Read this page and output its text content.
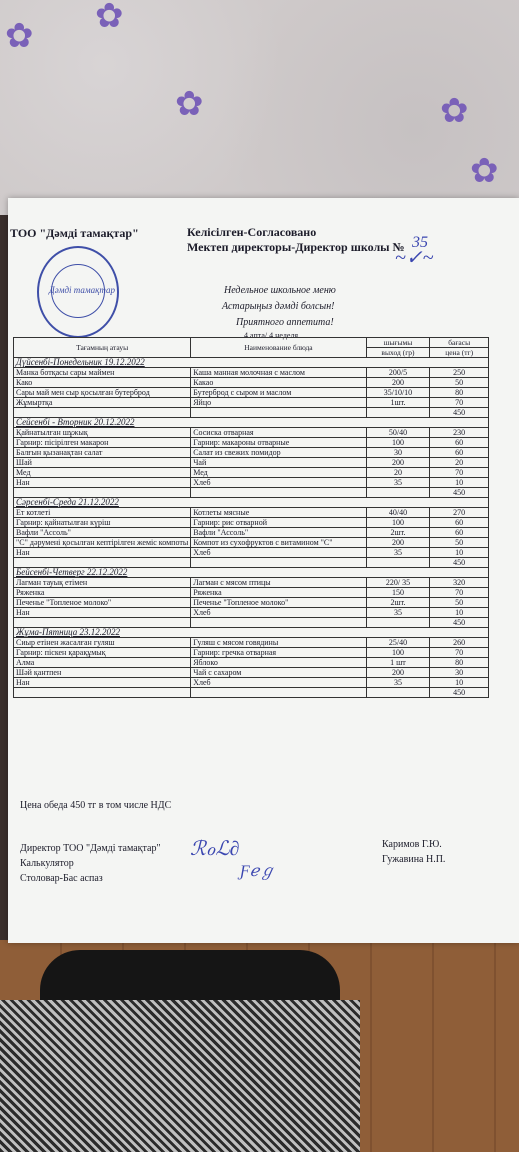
✿
✿
✿	✿
✿
ТОО "Дәмді тамақтар"	Келісілген-Согласовано
Мектеп директоры-Директор школы № 35
~✓~
Дәмді тамақтар	Недельное школьное меню
Астарыңыз дәмді болсын!
Приятного аппетита!
4 апта/ 4 неделя
Тағамның атауы	Наименование блюда	шығымы	бағасы
		выход (гр)	цена (тг)
Дүйсенбі-Понедельник 19.12.2022			
Манка ботқасы сары маймен	Каша манная молочная с маслом	200/5	250
Како	Какао	200	50
Сары май мен сыр қосылған бутерброд	Бутерброд с сыром и маслом	35/10/10	80
Жұмыртқа	Яйцо	1шт.	70
			450
Сейсенбі - Вторник 20.12.2022			
Қайнатылған шұжық	Сосиска отварная	50/40	230
Гарнир: пісірілген макарон	Гарнир: макароны отварные	100	60
Балғын қызанақтан салат	Салат из свежих помидор	30	60
Шай	Чай	200	20
Мед	Мед	20	70
Нан	Хлеб	35	10
			450
Сәрсенбі-Среда 21.12.2022			
Ет котлеті	Котлеты мясные	40/40	270
Гарнир: қайнатылған күріш	Гарнир: рис отварной	100	60
Вафли "Ассоль"	Вафли "Ассоль"	2шт.	60
"С" дәрумені қосылған кептірілген жеміс компоты	Компот из сухофруктов с витамином "С"	200	50
Нан	Хлеб	35	10
			450
Бейсенбі-Четверг 22.12.2022			
Лагман тауық етімен	Лагман с мясом птицы	220/ 35	320
Ряженка	Ряженка	150	70
Печенье "Топленое молоко"	Печенье "Топленое молоко"	2шт.	50
Нан	Хлеб	35	10
			450
Жұма-Пятница 23.12.2022			
Сиыр етінен жасалған гуляш	Гуляш с мясом говядины	25/40	260
Гарнир: піскен қарақұмық	Гарнир: гречка отварная	100	70
Алма	Яблоко	1 шт	80
Шәй қантпен	Чай с сахаром	200	30
Нан	Хлеб	35	10
			450
Цена обеда 450 тг в том числе НДС
Директор ТОО "Дәмді тамақтар"
Калькулятор
Столовар-Бас аспаз
Каримов Г.Ю.
Гужавина Н.П.
ℛℴℒ∂
Ƒℯℊ
